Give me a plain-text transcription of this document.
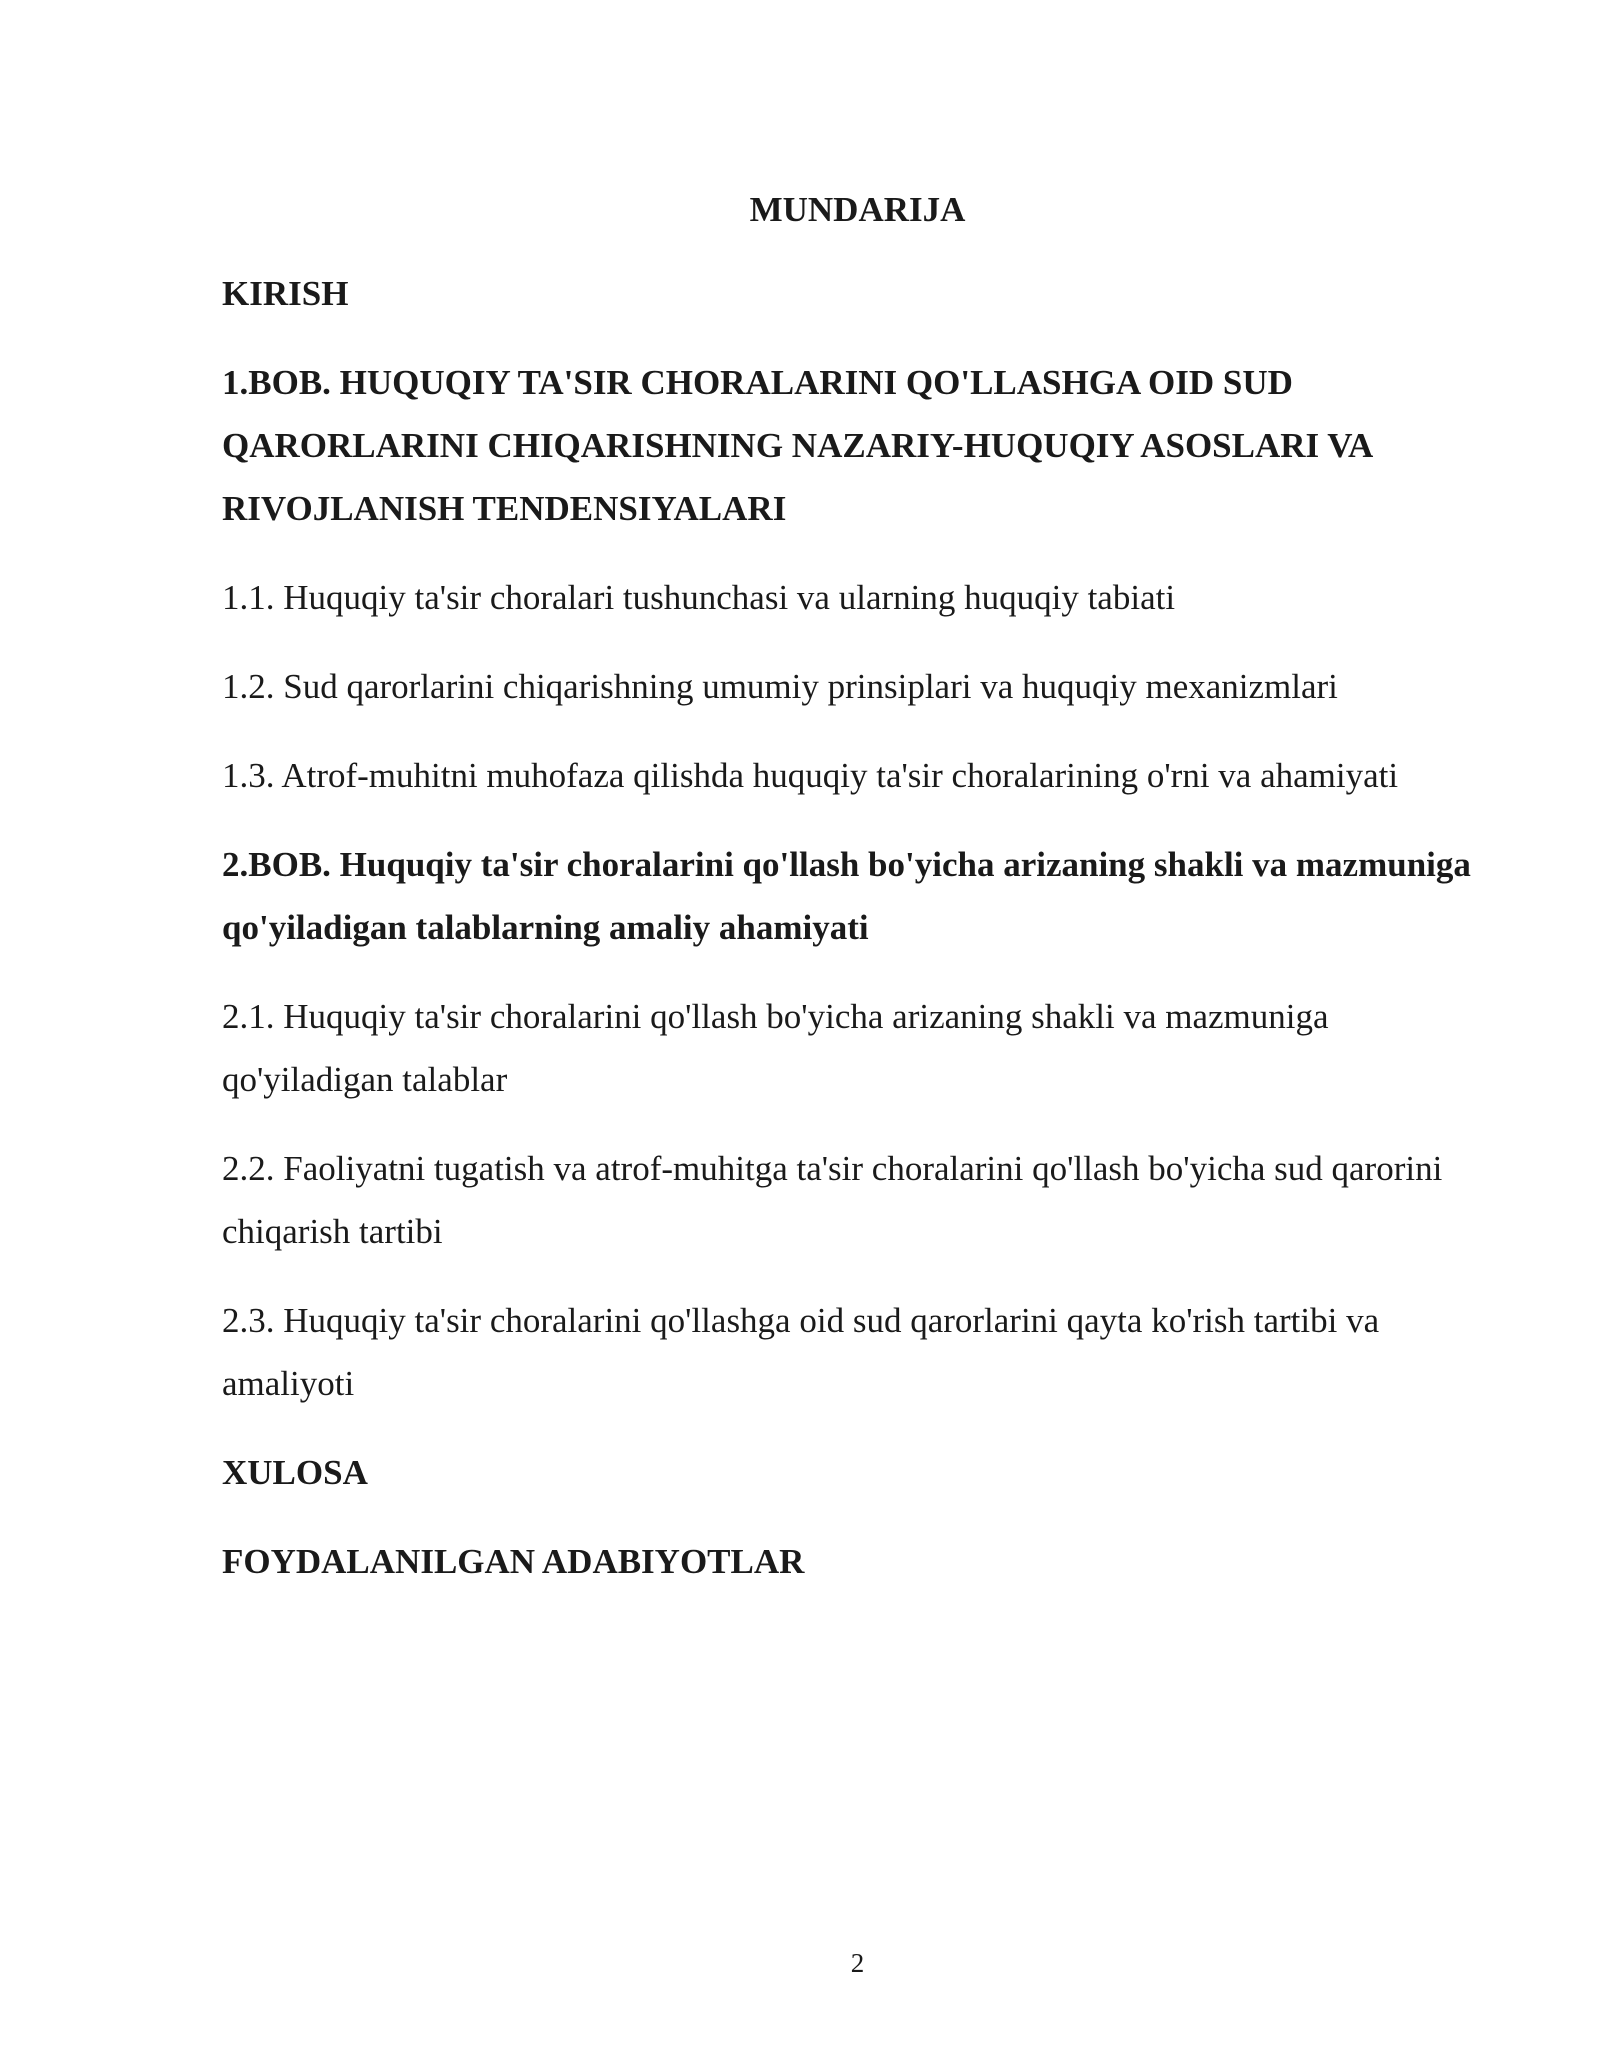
MUNDARIJA

KIRISH

1.BOB. HUQUQIY TA'SIR CHORALARINI QO'LLASHGA OID SUD QARORLARINI CHIQARISHNING NAZARIY-HUQUQIY ASOSLARI VA RIVOJLANISH TENDENSIYALARI

1.1. Huquqiy ta'sir choralari tushunchasi va ularning huquqiy tabiati

1.2. Sud qarorlarini chiqarishning umumiy prinsiplari va huquqiy mexanizmlari

1.3. Atrof-muhitni muhofaza qilishda huquqiy ta'sir choralarining o'rni va ahamiyati

2.BOB. Huquqiy ta'sir choralarini qo'llash bo'yicha arizaning shakli va mazmuniga qo'yiladigan talablarning amaliy ahamiyati

2.1. Huquqiy ta'sir choralarini qo'llash bo'yicha arizaning shakli va mazmuniga qo'yiladigan talablar

2.2. Faoliyatni tugatish va atrof-muhitga ta'sir choralarini qo'llash bo'yicha sud qarorini chiqarish tartibi

2.3. Huquqiy ta'sir choralarini qo'llashga oid sud qarorlarini qayta ko'rish tartibi va amaliyoti

XULOSA

FOYDALANILGAN ADABIYOTLAR

2
